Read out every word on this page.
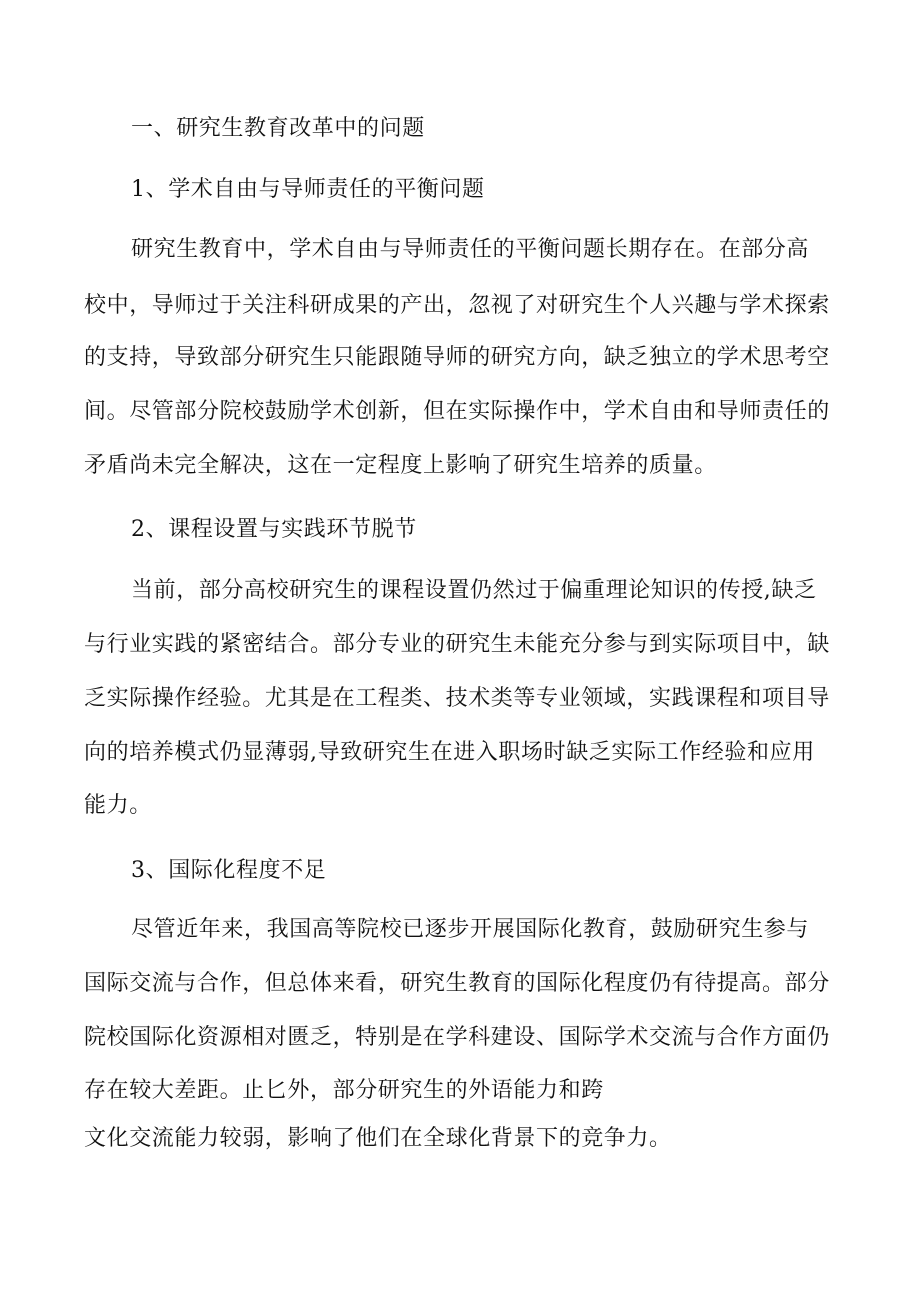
一、研究生教育改革中的问题
1、学术自由与导师责任的平衡问题
研究生教育中，学术自由与导师责任的平衡问题长期存在。在部分高
校中，导师过于关注科研成果的产出，忽视了对研究生个人兴趣与学术探索
的支持，导致部分研究生只能跟随导师的研究方向，缺乏独立的学术思考空
间。尽管部分院校鼓励学术创新，但在实际操作中，学术自由和导师责任的
矛盾尚未完全解决，这在一定程度上影响了研究生培养的质量。
2、课程设置与实践环节脱节
当前，部分高校研究生的课程设置仍然过于偏重理论知识的传授,缺乏
与行业实践的紧密结合。部分专业的研究生未能充分参与到实际项目中，缺
乏实际操作经验。尤其是在工程类、技术类等专业领域，实践课程和项目导
向的培养模式仍显薄弱,导致研究生在进入职场时缺乏实际工作经验和应用
能力。
3、国际化程度不足
尽管近年来，我国高等院校已逐步开展国际化教育，鼓励研究生参与
国际交流与合作，但总体来看，研究生教育的国际化程度仍有待提高。部分
院校国际化资源相对匮乏，特别是在学科建设、国际学术交流与合作方面仍
存在较大差距。止匕外，部分研究生的外语能力和跨
文化交流能力较弱，影响了他们在全球化背景下的竞争力。
